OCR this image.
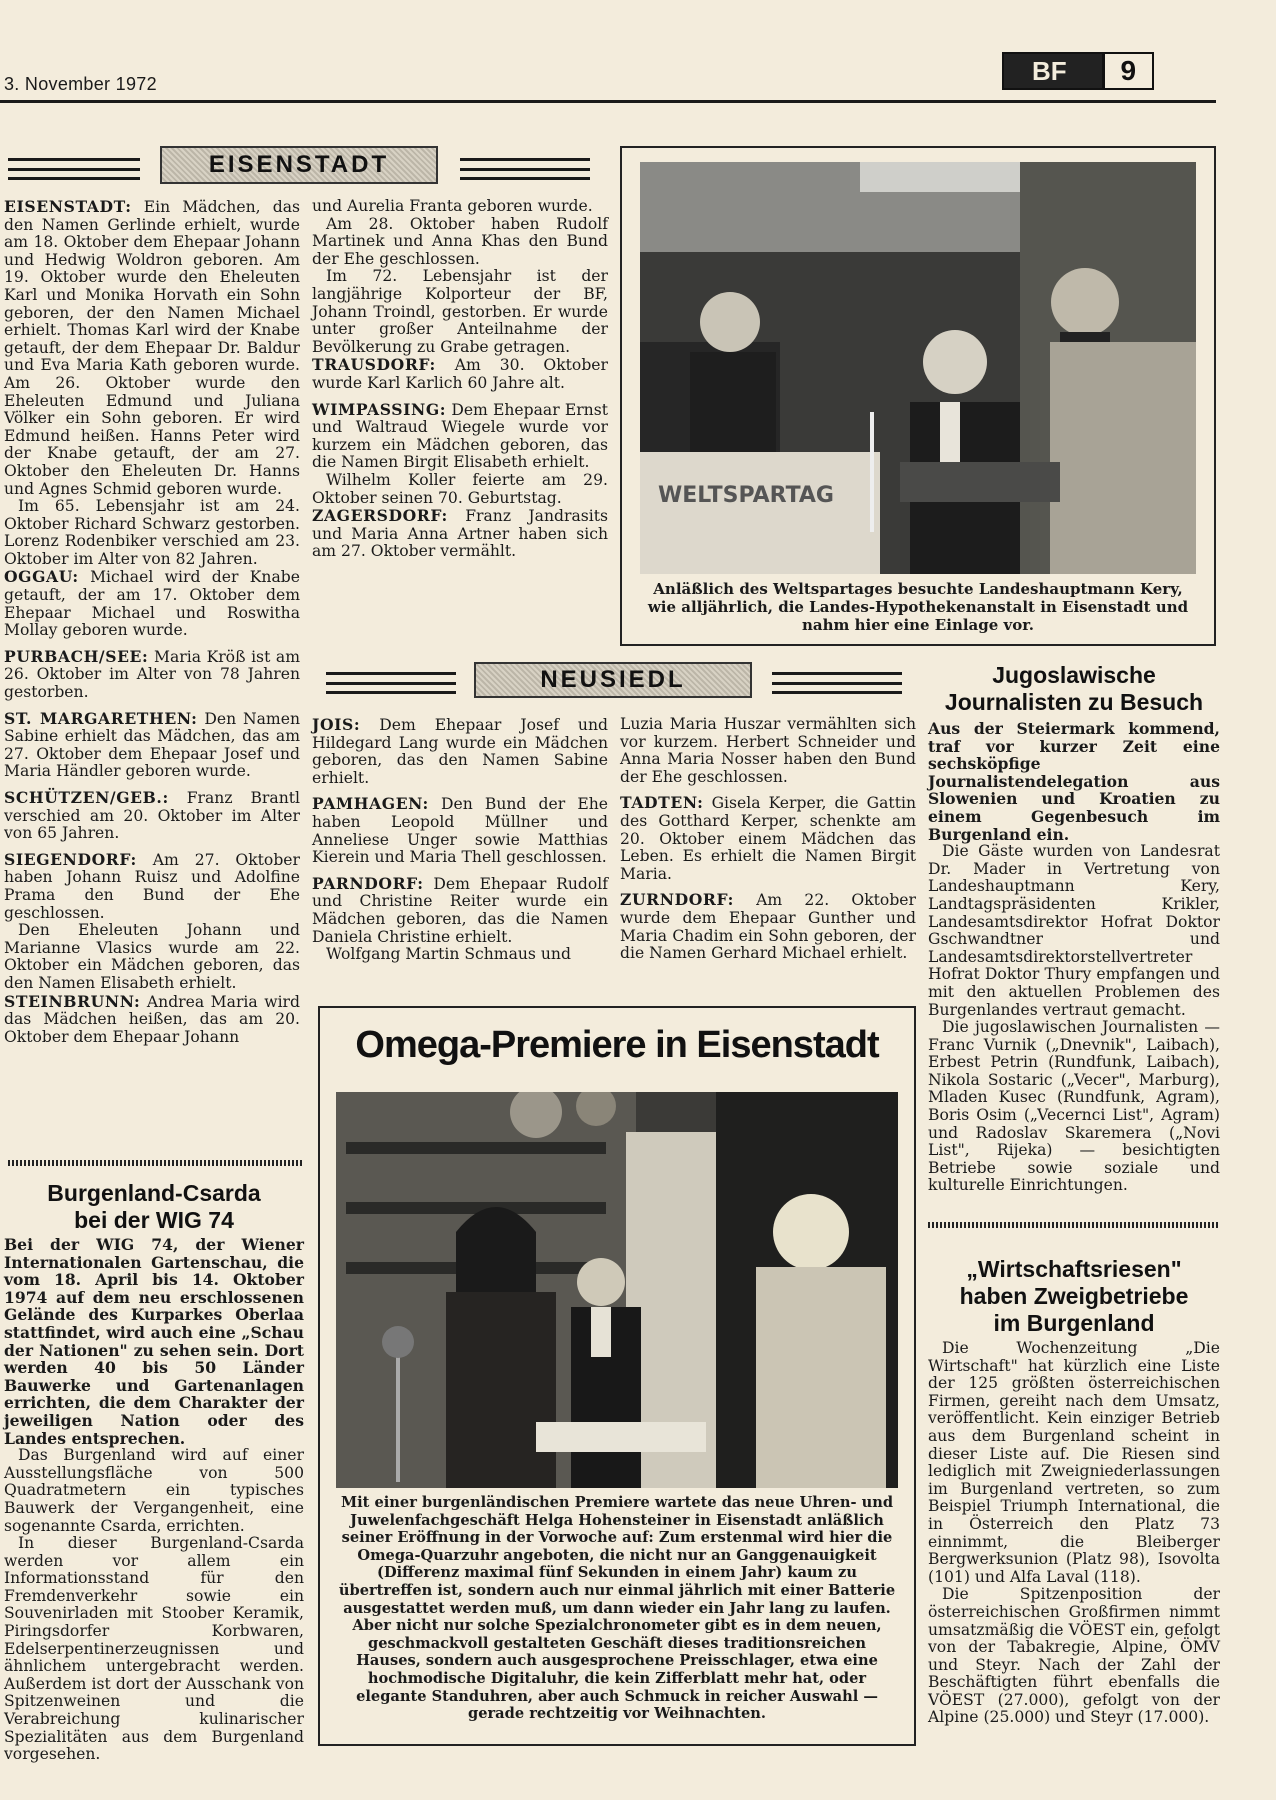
3. November 1972	BF	9
EISENSTADT

EISENSTADT: Ein Mädchen, das den Namen Gerlinde erhielt, wurde am 18. Oktober dem Ehepaar Johann und Hedwig Woldron geboren. Am 19. Oktober wurde den Eheleuten Karl und Monika Horvath ein Sohn geboren, der den Namen Michael erhielt. Thomas Karl wird der Knabe getauft, der dem Ehepaar Dr. Baldur und Eva Maria Kath geboren wurde. Am 26. Oktober wurde den Eheleuten Edmund und Juliana Völker ein Sohn geboren. Er wird Edmund heißen. Hanns Peter wird der Knabe getauft, der am 27. Oktober den Eheleuten Dr. Hanns und Agnes Schmid geboren wurde.

Im 65. Lebensjahr ist am 24. Oktober Richard Schwarz gestorben. Lorenz Rodenbiker verschied am 23. Oktober im Alter von 82 Jahren.

OGGAU: Michael wird der Knabe getauft, der am 17. Oktober dem Ehepaar Michael und Roswitha Mollay geboren wurde.

PURBACH/SEE: Maria Kröß ist am 26. Oktober im Alter von 78 Jahren gestorben.

ST. MARGARETHEN: Den Namen Sabine erhielt das Mädchen, das am 27. Oktober dem Ehepaar Josef und Maria Händler geboren wurde.

SCHÜTZEN/GEB.: Franz Brantl verschied am 20. Oktober im Alter von 65 Jahren.

SIEGENDORF: Am 27. Oktober haben Johann Ruisz und Adolfine Prama den Bund der Ehe geschlossen.

Den Eheleuten Johann und Marianne Vlasics wurde am 22. Oktober ein Mädchen geboren, das den Namen Elisabeth erhielt.

STEINBRUNN: Andrea Maria wird das Mädchen heißen, das am 20. Oktober dem Ehepaar Johann

und Aurelia Franta geboren wurde.

Am 28. Oktober haben Rudolf Martinek und Anna Khas den Bund der Ehe geschlossen.

Im 72. Lebensjahr ist der langjährige Kolporteur der BF, Johann Troindl, gestorben. Er wurde unter großer Anteilnahme der Bevölkerung zu Grabe getragen.

TRAUSDORF: Am 30. Oktober wurde Karl Karlich 60 Jahre alt.

WIMPASSING: Dem Ehepaar Ernst und Waltraud Wiegele wurde vor kurzem ein Mädchen geboren, das die Namen Birgit Elisabeth erhielt.

Wilhelm Koller feierte am 29. Oktober seinen 70. Geburtstag.

ZAGERSDORF: Franz Jandrasits und Maria Anna Artner haben sich am 27. Oktober vermählt.

WELTSPARTAG
Anläßlich des Weltspartages besuchte Landeshauptmann Kery, wie alljährlich, die Landes-Hypothekenanstalt in Eisenstadt und nahm hier eine Einlage vor.
NEUSIEDL

JOIS: Dem Ehepaar Josef und Hildegard Lang wurde ein Mädchen geboren, das den Namen Sabine erhielt.

PAMHAGEN: Den Bund der Ehe haben Leopold Müllner und Anneliese Unger sowie Matthias Kierein und Maria Thell geschlossen.

PARNDORF: Dem Ehepaar Rudolf und Christine Reiter wurde ein Mädchen geboren, das die Namen Daniela Christine erhielt.

Wolfgang Martin Schmaus und

Luzia Maria Huszar vermählten sich vor kurzem. Herbert Schneider und Anna Maria Nosser haben den Bund der Ehe geschlossen.

TADTEN: Gisela Kerper, die Gattin des Gotthard Kerper, schenkte am 20. Oktober einem Mädchen das Leben. Es erhielt die Namen Birgit Maria.

ZURNDORF: Am 22. Oktober wurde dem Ehepaar Gunther und Maria Chadim ein Sohn geboren, der die Namen Gerhard Michael erhielt.

Jugoslawische
Journalisten zu Besuch

Aus der Steiermark kommend, traf vor kurzer Zeit eine sechsköpfige Journalistendelegation aus Slowenien und Kroatien zu einem Gegenbesuch im Burgenland ein.

Die Gäste wurden von Landesrat Dr. Mader in Vertretung von Landeshauptmann Kery, Landtagspräsidenten Krikler, Landesamtsdirektor Hofrat Doktor Gschwandtner und Landesamtsdirektorstellvertreter Hofrat Doktor Thury empfangen und mit den aktuellen Problemen des Burgenlandes vertraut gemacht.

Die jugoslawischen Journalisten — Franc Vurnik („Dnevnik", Laibach), Erbest Petrin (Rundfunk, Laibach), Nikola Sostaric („Vecer", Marburg), Mladen Kusec (Rundfunk, Agram), Boris Osim („Vecernci List", Agram) und Radoslav Skaremera („Novi List", Rijeka) — besichtigten Betriebe sowie soziale und kulturelle Einrichtungen.

„Wirtschaftsriesen"
haben Zweigbetriebe
im Burgenland

Die Wochenzeitung „Die Wirtschaft" hat kürzlich eine Liste der 125 größten österreichischen Firmen, gereiht nach dem Umsatz, veröffentlicht. Kein einziger Betrieb aus dem Burgenland scheint in dieser Liste auf. Die Riesen sind lediglich mit Zweigniederlassungen im Burgenland vertreten, so zum Beispiel Triumph International, die in Österreich den Platz 73 einnimmt, die Bleiberger Bergwerksunion (Platz 98), Isovolta (101) und Alfa Laval (118).

Die Spitzenposition der österreichischen Großfirmen nimmt umsatzmäßig die VÖEST ein, gefolgt von der Tabakregie, Alpine, ÖMV und Steyr. Nach der Zahl der Beschäftigten führt ebenfalls die VÖEST (27.000), gefolgt von der Alpine (25.000) und Steyr (17.000).

Burgenland-Csarda
bei der WIG 74

Bei der WIG 74, der Wiener Internationalen Gartenschau, die vom 18. April bis 14. Oktober 1974 auf dem neu erschlossenen Gelände des Kurparkes Oberlaa stattfindet, wird auch eine „Schau der Nationen" zu sehen sein. Dort werden 40 bis 50 Länder Bauwerke und Gartenanlagen errichten, die dem Charakter der jeweiligen Nation oder des Landes entsprechen.

Das Burgenland wird auf einer Ausstellungsfläche von 500 Quadratmetern ein typisches Bauwerk der Vergangenheit, eine sogenannte Csarda, errichten.

In dieser Burgenland-Csarda werden vor allem ein Informationsstand für den Fremdenverkehr sowie ein Souvenirladen mit Stoober Keramik, Piringsdorfer Korbwaren, Edelserpentinerzeugnissen und ähnlichem untergebracht werden. Außerdem ist dort der Ausschank von Spitzenweinen und die Verabreichung kulinarischer Spezialitäten aus dem Burgenland vorgesehen.

Omega-Premiere in Eisenstadt
Mit einer burgenländischen Premiere wartete das neue Uhren- und Juwelenfachgeschäft Helga Hohensteiner in Eisenstadt anläßlich seiner Eröffnung in der Vorwoche auf: Zum erstenmal wird hier die Omega-Quarzuhr angeboten, die nicht nur an Ganggenauigkeit (Differenz maximal fünf Sekunden in einem Jahr) kaum zu übertreffen ist, sondern auch nur einmal jährlich mit einer Batterie ausgestattet werden muß, um dann wieder ein Jahr lang zu laufen. Aber nicht nur solche Spezialchronometer gibt es in dem neuen, geschmackvoll gestalteten Geschäft dieses traditionsreichen Hauses, sondern auch ausgesprochene Preisschlager, etwa eine hochmodische Digitaluhr, die kein Zifferblatt mehr hat, oder elegante Standuhren, aber auch Schmuck in reicher Auswahl — gerade rechtzeitig vor Weihnachten.
